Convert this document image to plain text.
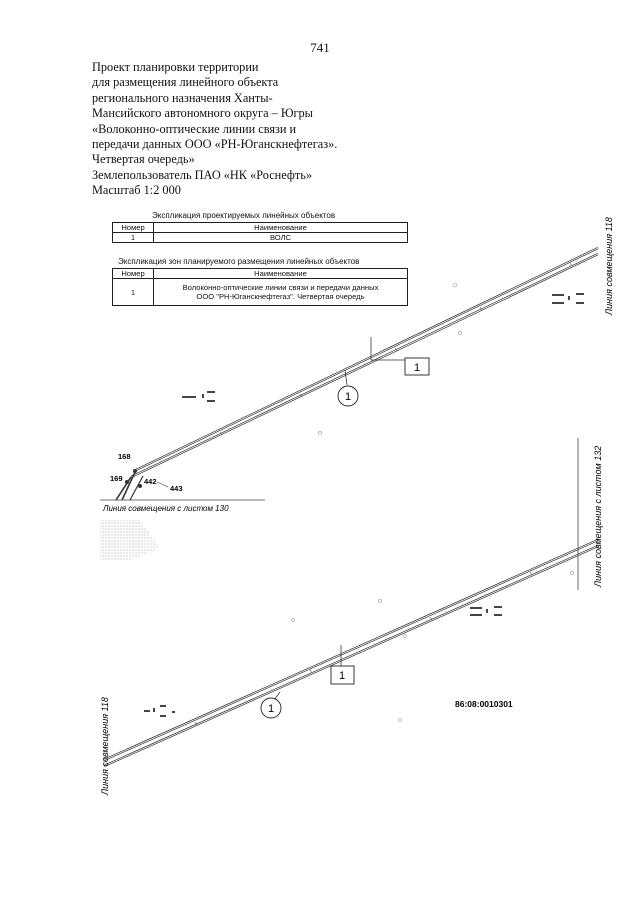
741
Проект планировки территории
для размещения линейного объекта
регионального назначения Ханты-
Мансийского автономного округа – Югры
«Волоконно-оптические линии связи и
передачи данных ООО «РН-Юганскнефтегаз».
Четвертая очередь»
Землепользователь ПАО «НК «Роснефть»
Масштаб 1:2 000
Экспликация проектируемых линейных объектов
Номер	Наименование
1	ВОЛС
Экспликация зон планируемого размещения линейных объектов
Номер	Наименование
1	Волоконно-оптические линии связи и передачи данных
ООО "РН-Юганскнефтегаз". Четвертая очередь
168
169	442
443
1
1
Линия совмещения 118
Линия совмещения с листом 130	Линия совмещения с листом 132
Линия совмещения 118
1
1	86:08:0010301
